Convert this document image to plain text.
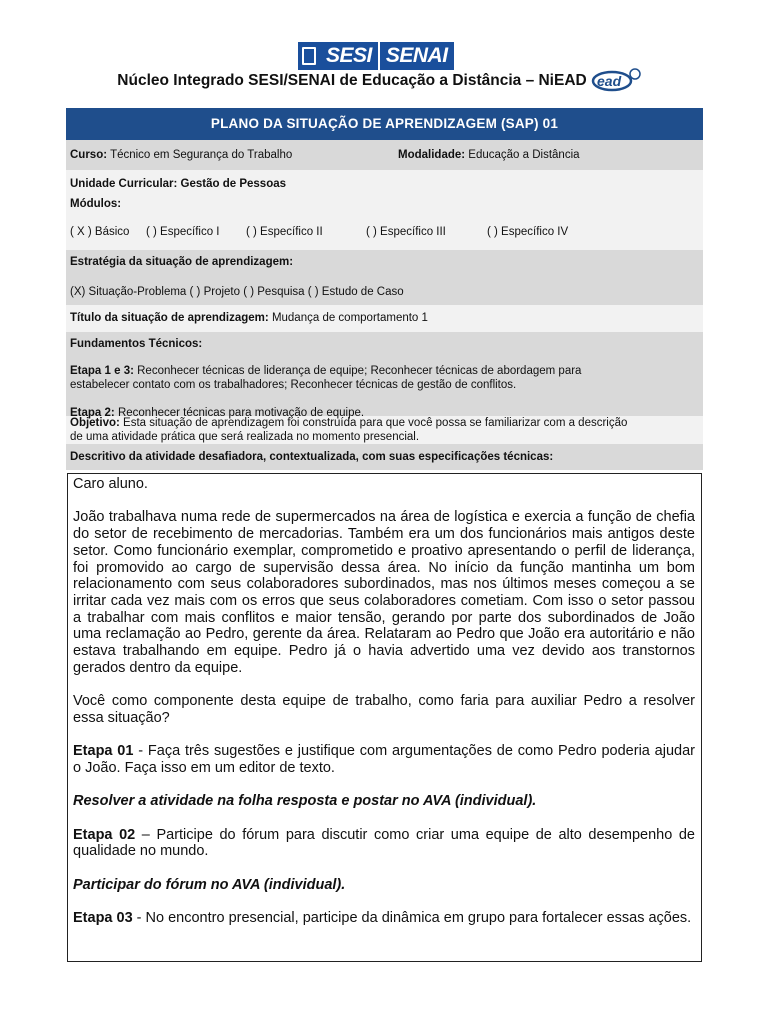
SESI SENAI
Núcleo Integrado SESI/SENAI de Educação a Distância – NiEAD ead
PLANO DA SITUAÇÃO DE APRENDIZAGEM (SAP) 01
Curso: Técnico em Segurança do Trabalho	Modalidade: Educação a Distância
Unidade Curricular: Gestão de Pessoas
Módulos:
( X ) Básico ( ) Específico I ( ) Específico II	( ) Específico III	( ) Específico IV
Estratégia da situação de aprendizagem:
(X) Situação-Problema ( ) Projeto ( ) Pesquisa ( ) Estudo de Caso
Título da situação de aprendizagem: Mudança de comportamento 1
Fundamentos Técnicos:
Etapa 1 e 3: Reconhecer técnicas de liderança de equipe; Reconhecer técnicas de abordagem para
estabelecer contato com os trabalhadores; Reconhecer técnicas de gestão de conflitos.
Etapa 2: Reconhecer técnicas para motivação de equipe.
Objetivo: Esta situação de aprendizagem foi construída para que você possa se familiarizar com a descrição
de uma atividade prática que será realizada no momento presencial.
Descritivo da atividade desafiadora, contextualizada, com suas especificações técnicas:

Caro aluno.

João trabalhava numa rede de supermercados na área de logística e exercia a função de chefia do setor de recebimento de mercadorias. Também era um dos funcionários mais antigos deste setor. Como funcionário exemplar, comprometido e proativo apresentando o perfil de liderança, foi promovido ao cargo de supervisão dessa área. No início da função mantinha um bom relacionamento com seus colaboradores subordinados, mas nos últimos meses começou a se irritar cada vez mais com os erros que seus colaboradores cometiam. Com isso o setor passou a trabalhar com mais conflitos e maior tensão, gerando por parte dos subordinados de João uma reclamação ao Pedro, gerente da área. Relataram ao Pedro que João era autoritário e não estava trabalhando em equipe. Pedro já o havia advertido uma vez devido aos transtornos gerados dentro da equipe.

Você como componente desta equipe de trabalho, como faria para auxiliar Pedro a resolver essa situação?

Etapa 01 - Faça três sugestões e justifique com argumentações de como Pedro poderia ajudar o João. Faça isso em um editor de texto.

Resolver a atividade na folha resposta e postar no AVA (individual).

Etapa 02 – Participe do fórum para discutir como criar uma equipe de alto desempenho de qualidade no mundo.

Participar do fórum no AVA (individual).

Etapa 03 - No encontro presencial, participe da dinâmica em grupo para fortalecer essas ações.
